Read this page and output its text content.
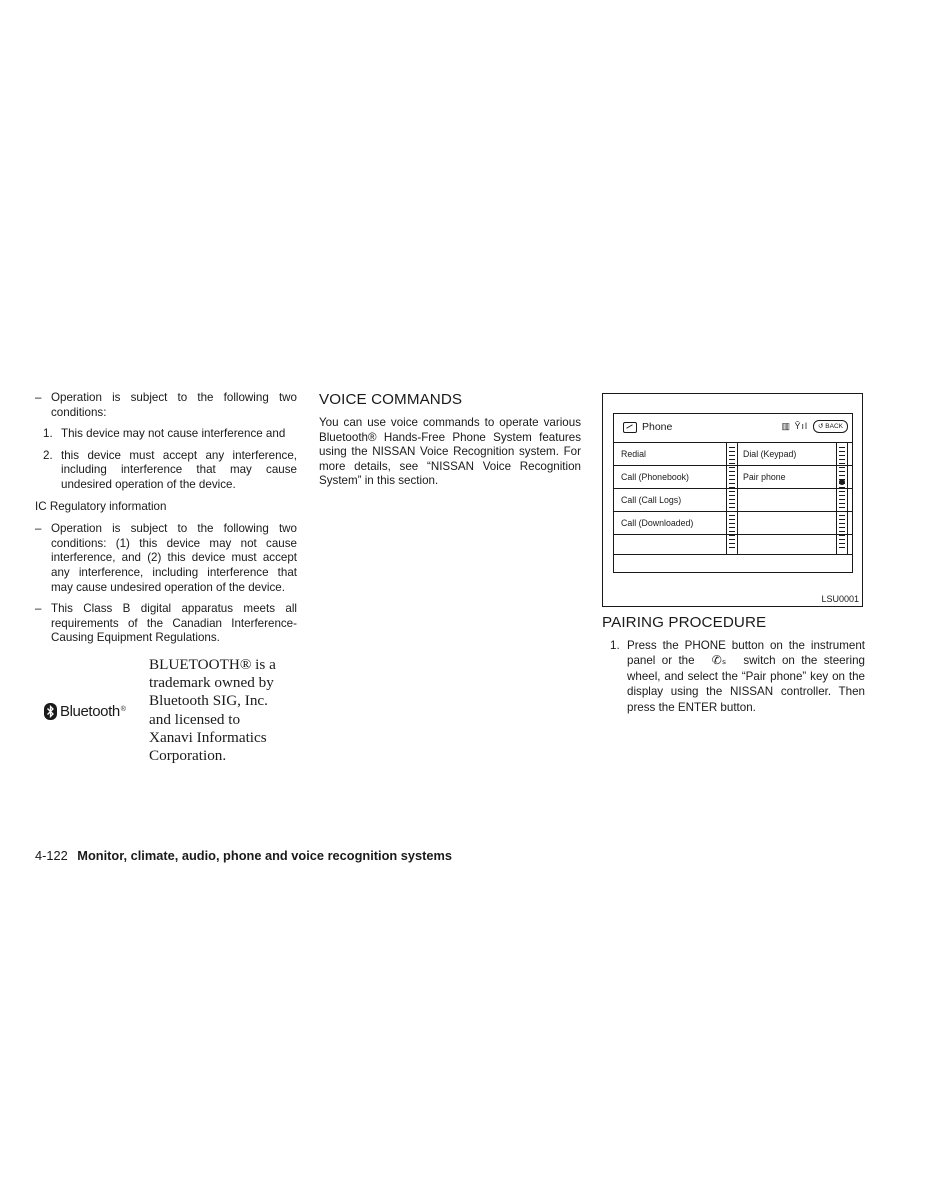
– Operation is subject to the following two conditions:
1. This device may not cause interference and
2. this device must accept any interference, including interference that may cause undesired operation of the device.
IC Regulatory information
– Operation is subject to the following two conditions: (1) this device may not cause interference, and (2) this device must accept any interference, including interference that may cause undesired operation of the device.
– This Class B digital apparatus meets all requirements of the Canadian Interference-Causing Equipment Regulations.
Bluetooth ®
BLUETOOTH® is a trademark owned by Bluetooth SIG, Inc. and licensed to Xanavi Informatics Corporation.
VOICE COMMANDS
You can use voice commands to operate various Bluetooth® Hands-Free Phone System features using the NISSAN Voice Recognition system. For more details, see “NISSAN Voice Recognition System” in this section.
Phone	▥ Ŷıl	↺ BACK
Redial	Dial (Keypad)
Call (Phonebook)	Pair phone
Call (Call Logs)
Call (Downloaded)
LSU0001
PAIRING PROCEDURE
1. Press the PHONE button on the instrument panel or the ✆ₛ switch on the steering wheel, and select the “Pair phone” key on the display using the NISSAN controller. Then press the ENTER button.
4-122 Monitor, climate, audio, phone and voice recognition systems
